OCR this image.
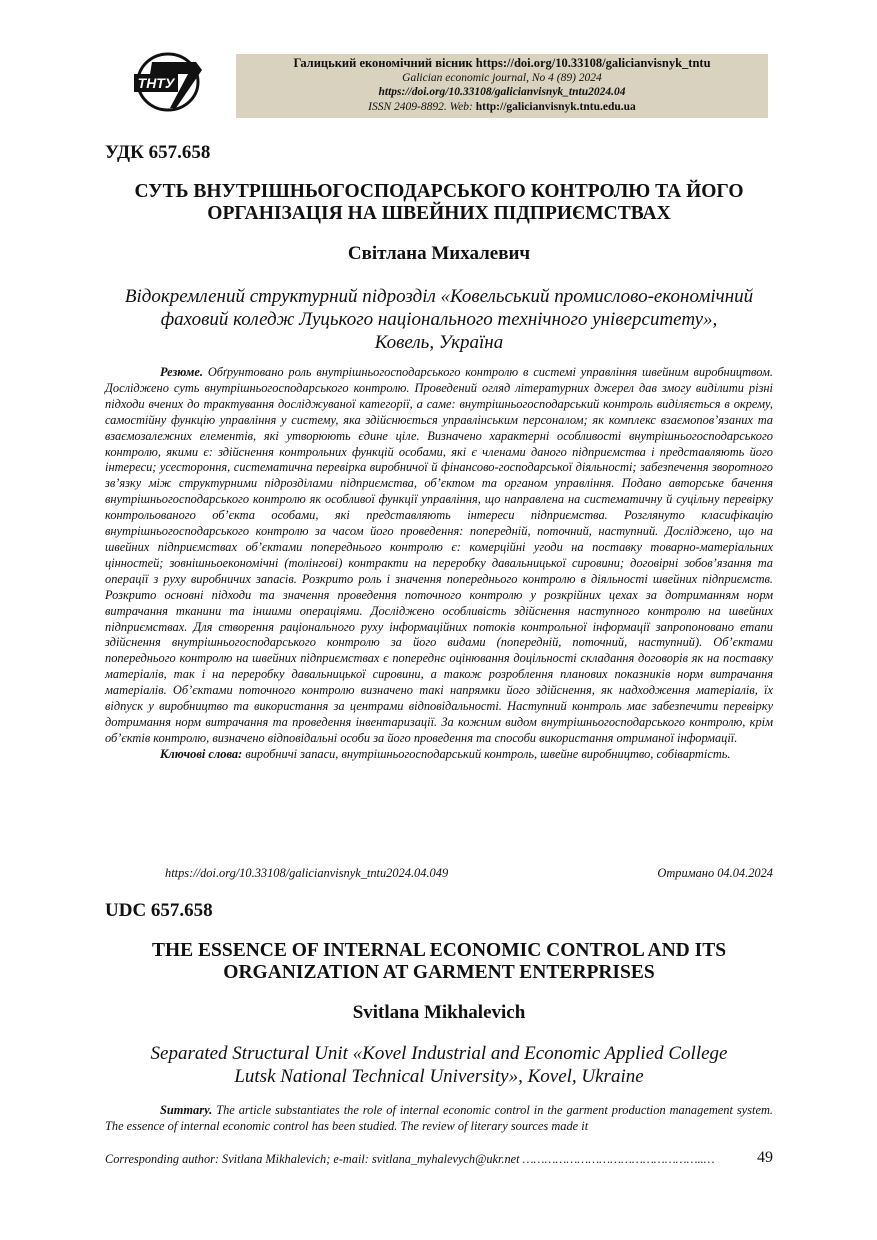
ТНТУ
Галицький економічний вісник https://doi.org/10.33108/galicianvisnyk_tntu
Galician economic journal, No 4 (89) 2024
https://doi.org/10.33108/galicianvisnyk_tntu2024.04
ISSN 2409-8892. Web: http://galicianvisnyk.tntu.edu.ua
УДК 657.658
СУТЬ ВНУТРІШНЬОГОСПОДАРСЬКОГО КОНТРОЛЮ ТА ЙОГО
ОРГАНІЗАЦІЯ НА ШВЕЙНИХ ПІДПРИЄМСТВАХ
Світлана Михалевич
Відокремлений структурний підрозділ «Ковельський промислово-економічний
фаховий коледж Луцького національного технічного університету»,
Ковель, Україна

Резюме. Обґрунтовано роль внутрішньогосподарського контролю в системі управління швейним виробництвом. Досліджено суть внутрішньогосподарського контролю. Проведений огляд літературних джерел дав змогу виділити різні підходи вчених до трактування досліджуваної категорії, а саме: внутрішньогосподарський контроль виділяється в окрему, самостійну функцію управління у систему, яка здійснюється управлінським персоналом; як комплекс взаємопов’язаних та взаємозалежних елементів, які утворюють єдине ціле. Визначено характерні особливості внутрішньогосподарського контролю, якими є: здійснення контрольних функцій особами, які є членами даного підприємства і представляють його інтереси; усестороння, систематична перевірка виробничої й фінансово-господарської діяльності; забезпечення зворотного зв’язку між структурними підрозділами підприємства, об’єктом та органом управління. Подано авторське бачення внутрішньогосподарського контролю як особливої функції управління, що направлена на систематичну й суцільну перевірку контрольованого об’єкта особами, які представляють інтереси підприємства. Розглянуто класифікацію внутрішньогосподарського контролю за часом його проведення: попередній, поточний, наступний. Досліджено, що на швейних підприємствах об’єктами попереднього контролю є: комерційні угоди на поставку товарно-матеріальних цінностей; зовнішньоекономічні (толінгові) контракти на переробку давальницької сировини; договірні зобов’язання та операції з руху виробничих запасів. Розкрито роль і значення попереднього контролю в діяльності швейних підприємств. Розкрито основні підходи та значення проведення поточного контролю у розкрійних цехах за дотриманням норм витрачання тканини та іншими операціями. Досліджено особливість здійснення наступного контролю на швейних підприємствах. Для створення раціонального руху інформаційних потоків контрольної інформації запропоновано етапи здійснення внутрішньогосподарського контролю за його видами (попередній, поточний, наступний). Об’єктами попереднього контролю на швейних підприємствах є попереднє оцінювання доцільності складання договорів як на поставку матеріалів, так і на переробку давальницької сировини, а також розроблення планових показників норм витрачання матеріалів. Об’єктами поточного контролю визначено такі напрямки його здійснення, як надходження матеріалів, їх відпуск у виробництво та використання за центрами відповідальності. Наступний контроль має забезпечити перевірку дотримання норм витрачання та проведення інвентаризації. За кожним видом внутрішньогосподарського контролю, крім об’єктів контролю, визначено відповідальні особи за його проведення та способи використання отриманої інформації.

Ключові слова: виробничі запаси, внутрішньогосподарський контроль, швейне виробництво, собівартість.

https://doi.org/10.33108/galicianvisnyk_tntu2024.04.049	Отримано 04.04.2024
UDC 657.658
THE ESSENCE OF INTERNAL ECONOMIC CONTROL AND ITS
ORGANIZATION AT GARMENT ENTERPRISES
Svitlana Mikhalevich
Separated Structural Unit «Kovel Industrial and Economic Applied College
Lutsk National Technical University», Kovel, Ukraine

Summary. The article substantiates the role of internal economic control in the garment production management system. The essence of internal economic control has been studied. The review of literary sources made it

Corresponding author: Svitlana Mikhalevich; e-mail: svitlana_myhalevych@ukr.net …………………………………………..…	49
